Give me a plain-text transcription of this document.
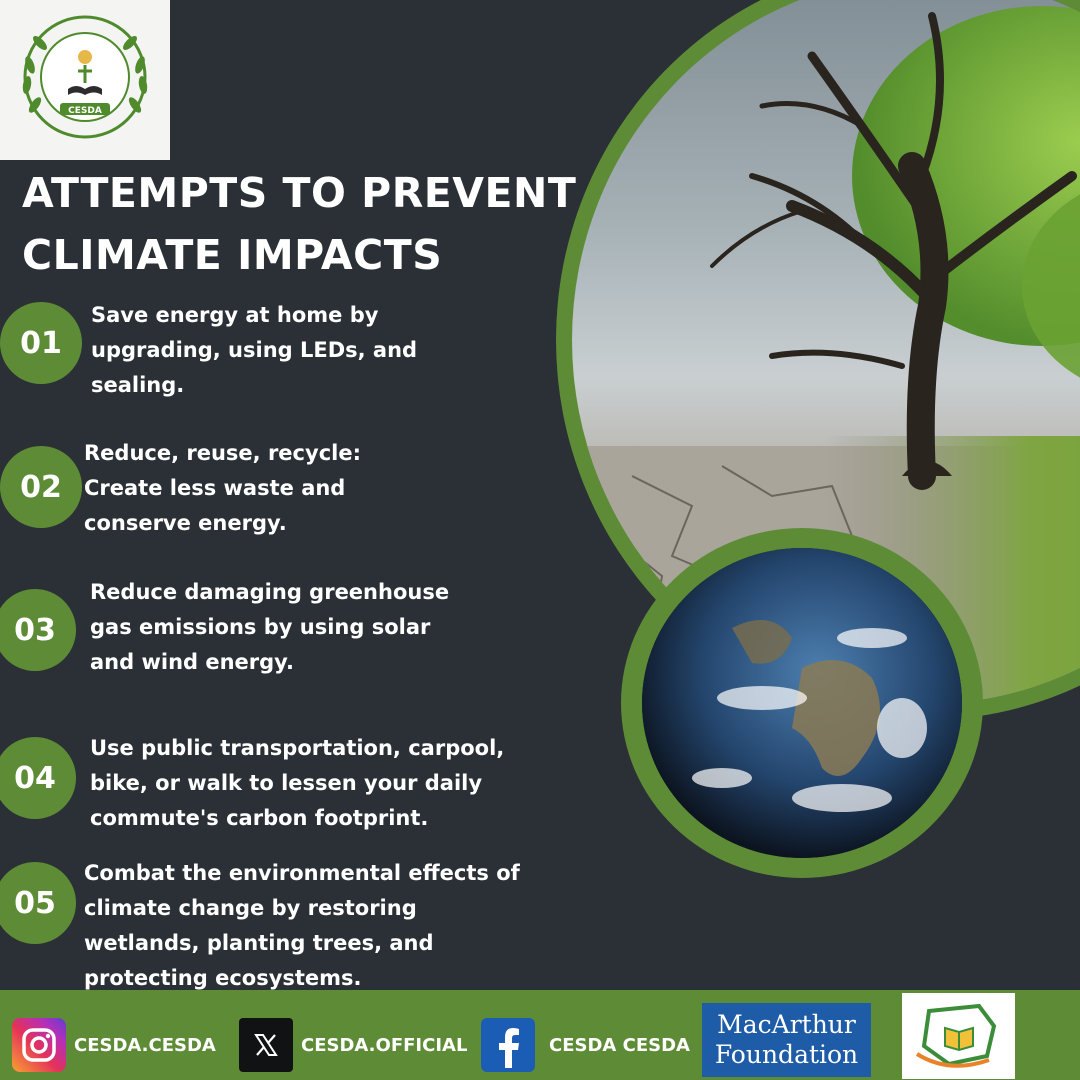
CESDA
ATTEMPTS TO PREVENT
CLIMATE IMPACTS
01
Save energy at home by
upgrading, using LEDs, and
sealing.
02
Reduce, reuse, recycle:
Create less waste and
conserve energy.
03
Reduce damaging greenhouse
gas emissions by using solar
and wind energy.
04
Use public transportation, carpool,
bike, or walk to lessen your daily
commute's carbon footprint.
05
Combat the environmental effects of
climate change by restoring
wetlands, planting trees, and
protecting ecosystems.
CESDA.CESDA	CESDA.OFFICIAL	CESDA CESDA
MacArthur
Foundation
